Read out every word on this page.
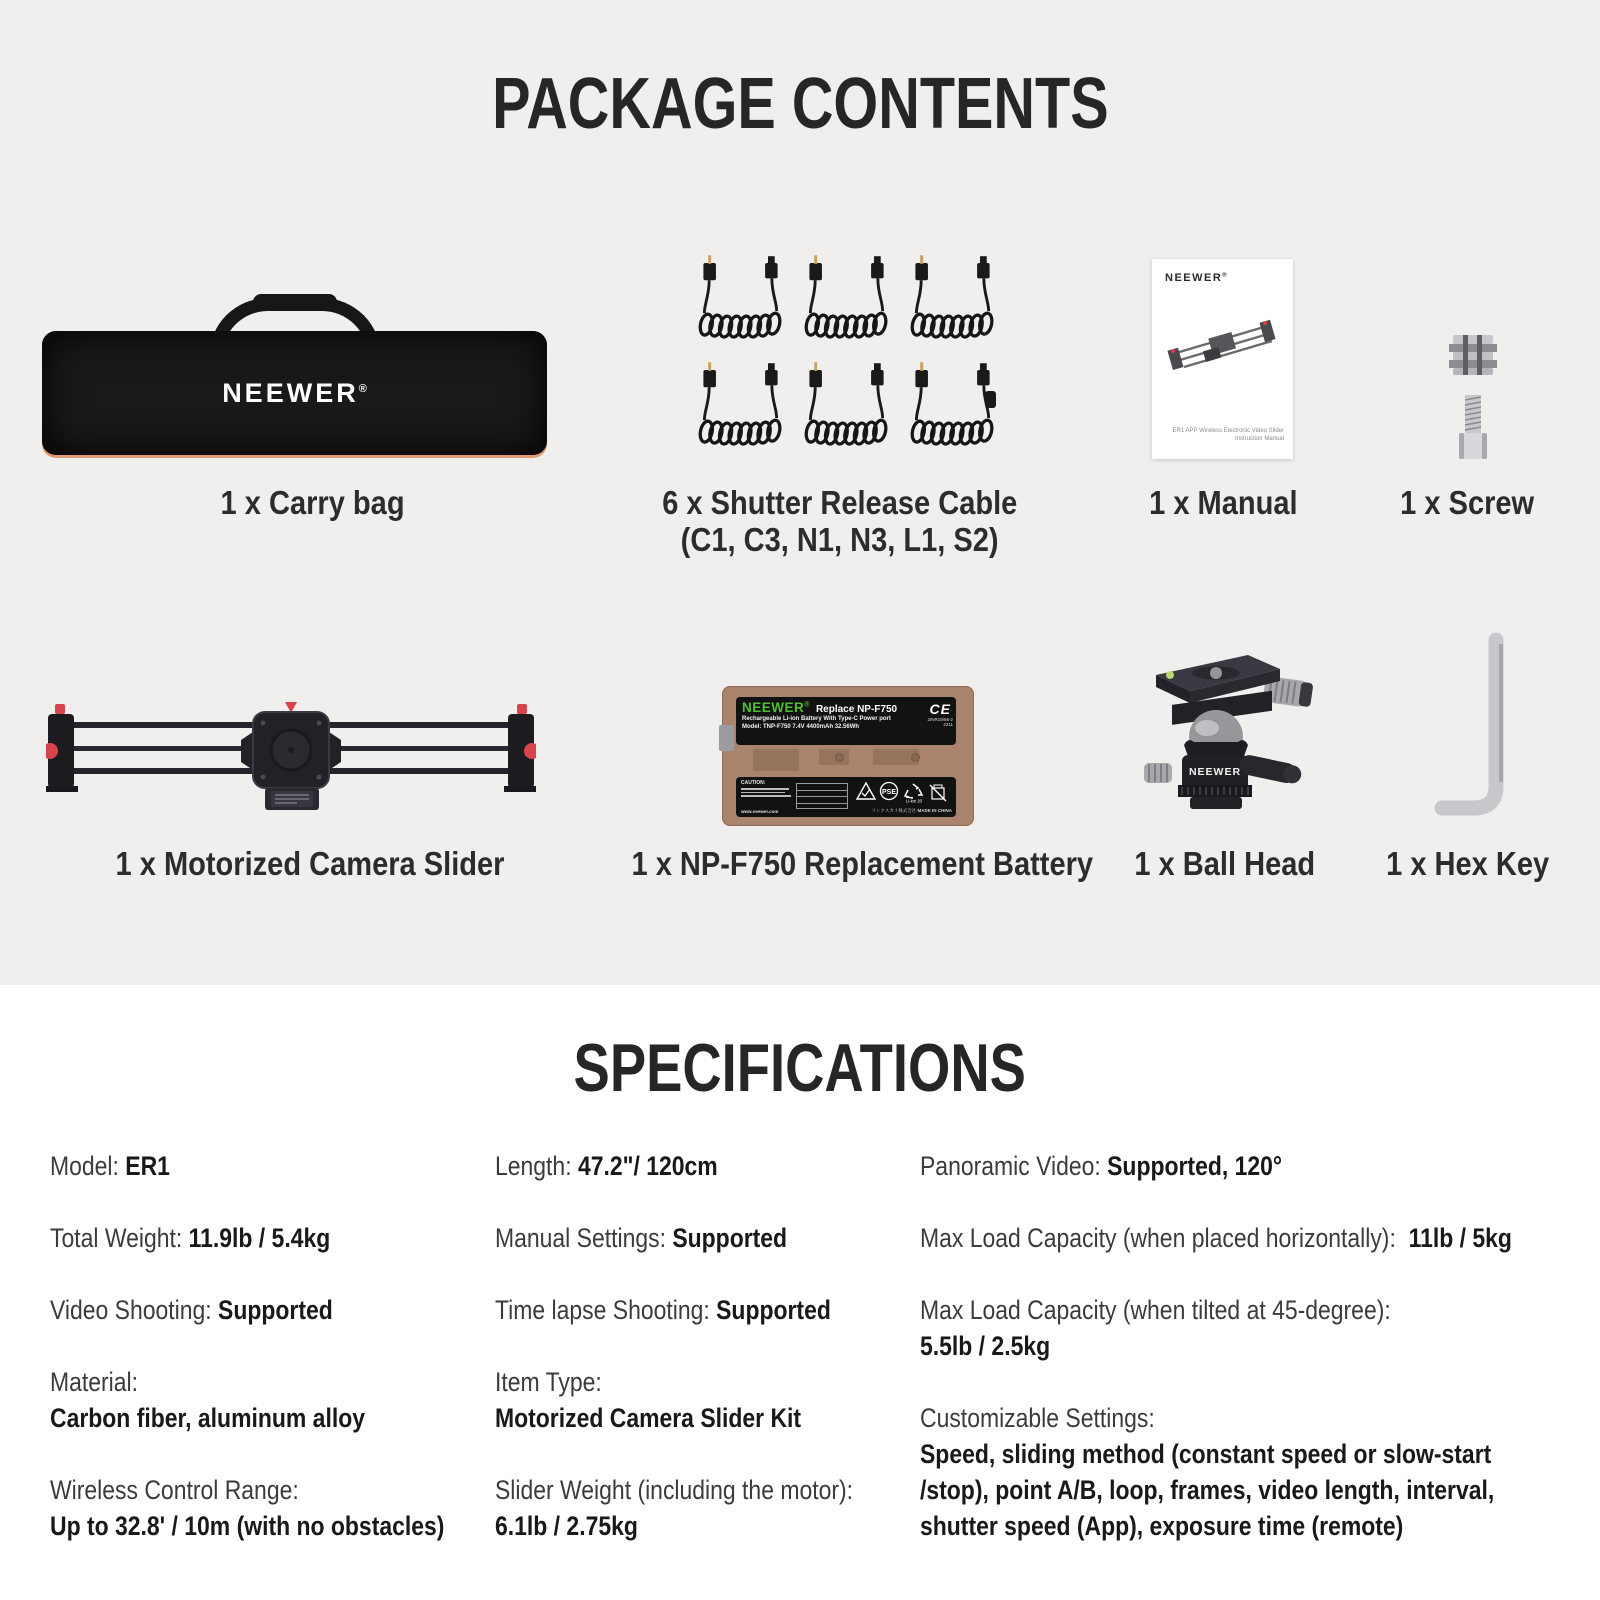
PACKAGE CONTENTS
NEEWER®
NEEWER®
ER1 APP Wireless Electronic Video Slider
Instruction Manual
1 x Carry bag	6 x Shutter Release Cable
(C1, C3, N1, N3, L1, S2)
1 x Manual	1 x Screw
NEEWER® Replace NP-F750 CE
2INR19/66-2
2311
Rechargeable Li-ion Battery With Type-C Power port
Model: TNP-F750 7.4V 4400mAh 32.56Wh
CAUTION:
www.neewer.com
PSE
Li-ion 20
リンクスカイ株式会社 MADE IN CHINA
NEEWER
1 x Motorized Camera Slider	1 x NP-F750 Replacement Battery	1 x Ball Head	1 x Hex Key
SPECIFICATIONS
Model: ER1
Total Weight: 11.9lb / 5.4kg
Video Shooting: Supported
Material:
Carbon fiber, aluminum alloy
Wireless Control Range:
Up to 32.8' / 10m (with no obstacles)
Length: 47.2"/ 120cm
Manual Settings: Supported
Time lapse Shooting: Supported
Item Type:
Motorized Camera Slider Kit
Slider Weight (including the motor):
6.1lb / 2.75kg
Panoramic Video: Supported, 120°
Max Load Capacity (when placed horizontally):  11lb / 5kg
Max Load Capacity (when tilted at 45-degree):
5.5lb / 2.5kg
Customizable Settings:
Speed, sliding method (constant speed or slow-start /stop), point A/B, loop, frames, video length, interval, shutter speed (App), exposure time (remote)
